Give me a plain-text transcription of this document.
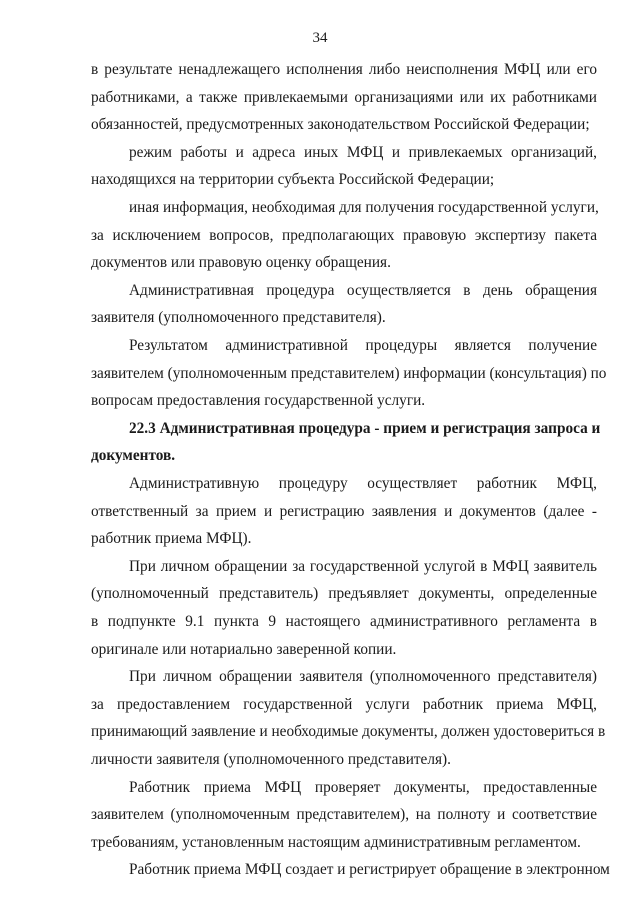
34
в результате ненадлежащего исполнения либо неисполнения МФЦ или его
работниками, а также привлекаемыми организациями или их работниками
обязанностей, предусмотренных законодательством Российской Федерации;
режим работы и адреса иных МФЦ и привлекаемых организаций,
находящихся на территории субъекта Российской Федерации;
иная информация, необходимая для получения государственной услуги,
за исключением вопросов, предполагающих правовую экспертизу пакета
документов или правовую оценку обращения.
Административная процедура осуществляется в день обращения
заявителя (уполномоченного представителя).
Результатом административной процедуры является получение
заявителем (уполномоченным представителем) информации (консультация) по
вопросам предоставления государственной услуги.
22.3 Административная процедура - прием и регистрация запроса и
документов.
Административную процедуру осуществляет работник МФЦ,
ответственный за прием и регистрацию заявления и документов (далее -
работник приема МФЦ).
При личном обращении за государственной услугой в МФЦ заявитель
(уполномоченный представитель) предъявляет документы, определенные
в подпункте 9.1 пункта 9 настоящего административного регламента в
оригинале или нотариально заверенной копии.
При личном обращении заявителя (уполномоченного представителя)
за предоставлением государственной услуги работник приема МФЦ,
принимающий заявление и необходимые документы, должен удостовериться в
личности заявителя (уполномоченного представителя).
Работник приема МФЦ проверяет документы, предоставленные
заявителем (уполномоченным представителем), на полноту и соответствие
требованиям, установленным настоящим административным регламентом.
Работник приема МФЦ создает и регистрирует обращение в электронном
